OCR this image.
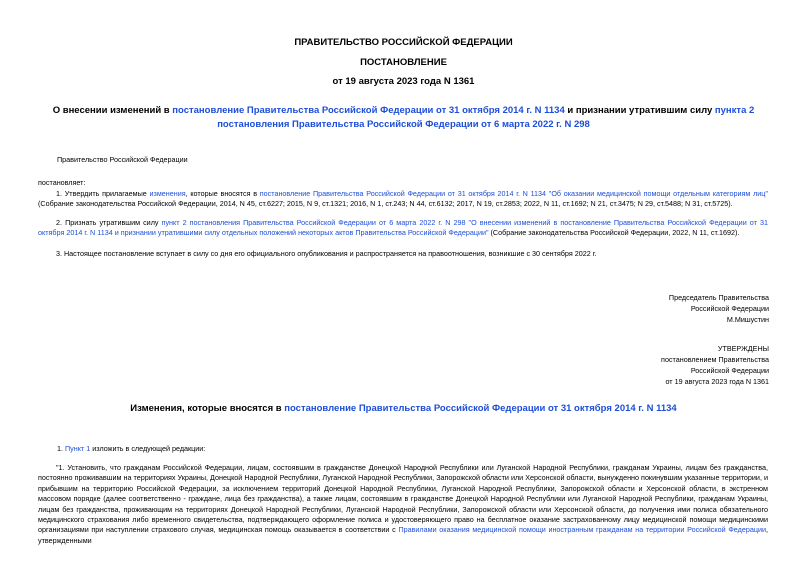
ПРАВИТЕЛЬСТВО РОССИЙСКОЙ ФЕДЕРАЦИИ
ПОСТАНОВЛЕНИЕ
от 19 августа 2023 года N 1361
О внесении изменений в постановление Правительства Российской Федерации от 31 октября 2014 г. N 1134 и признании утратившим силу пункта 2 постановления Правительства Российской Федерации от 6 марта 2022 г. N 298
Правительство Российской Федерации
постановляет:
1. Утвердить прилагаемые изменения, которые вносятся в постановление Правительства Российской Федерации от 31 октября 2014 г. N 1134 "Об оказании медицинской помощи отдельным категориям лиц" (Собрание законодательства Российской Федерации, 2014, N 45, ст.6227; 2015, N 9, ст.1321; 2016, N 1, ст.243; N 44, ст.6132; 2017, N 19, ст.2853; 2022, N 11, ст.1692; N 21, ст.3475; N 29, ст.5488; N 31, ст.5725).
2. Признать утратившим силу пункт 2 постановления Правительства Российской Федерации от 6 марта 2022 г. N 298 "О внесении изменений в постановление Правительства Российской Федерации от 31 октября 2014 г. N 1134 и признании утратившими силу отдельных положений некоторых актов Правительства Российской Федерации" (Собрание законодательства Российской Федерации, 2022, N 11, ст.1692).
3. Настоящее постановление вступает в силу со дня его официального опубликования и распространяется на правоотношения, возникшие с 30 сентября 2022 г.
Председатель Правительства
Российской Федерации
М.Мишустин
УТВЕРЖДЕНЫ
постановлением Правительства
Российской Федерации
от 19 августа 2023 года N 1361
Изменения, которые вносятся в постановление Правительства Российской Федерации от 31 октября 2014 г. N 1134
1. Пункт 1 изложить в следующей редакции:
"1. Установить, что гражданам Российской Федерации, лицам, состоявшим в гражданстве Донецкой Народной Республики или Луганской Народной Республики, гражданам Украины, лицам без гражданства, постоянно проживавшим на территориях Украины, Донецкой Народной Республики, Луганской Народной Республики, Запорожской области или Херсонской области, вынужденно покинувшим указанные территории, и прибывшим на территорию Российской Федерации, за исключением территорий Донецкой Народной Республики, Луганской Народной Республики, Запорожской области и Херсонской области, в экстренном массовом порядке (далее соответственно - граждане, лица без гражданства), а также лицам, состоявшим в гражданстве Донецкой Народной Республики или Луганской Народной Республики, гражданам Украины, лицам без гражданства, проживающим на территориях Донецкой Народной Республики, Луганской Народной Республики, Запорожской области или Херсонской области, до получения ими полиса обязательного медицинского страхования либо временного свидетельства, подтверждающего оформление полиса и удостоверяющего право на бесплатное оказание застрахованному лицу медицинской помощи медицинскими организациями при наступлении страхового случая, медицинская помощь оказывается в соответствии с Правилами оказания медицинской помощи иностранным гражданам на территории Российской Федерации, утвержденными
